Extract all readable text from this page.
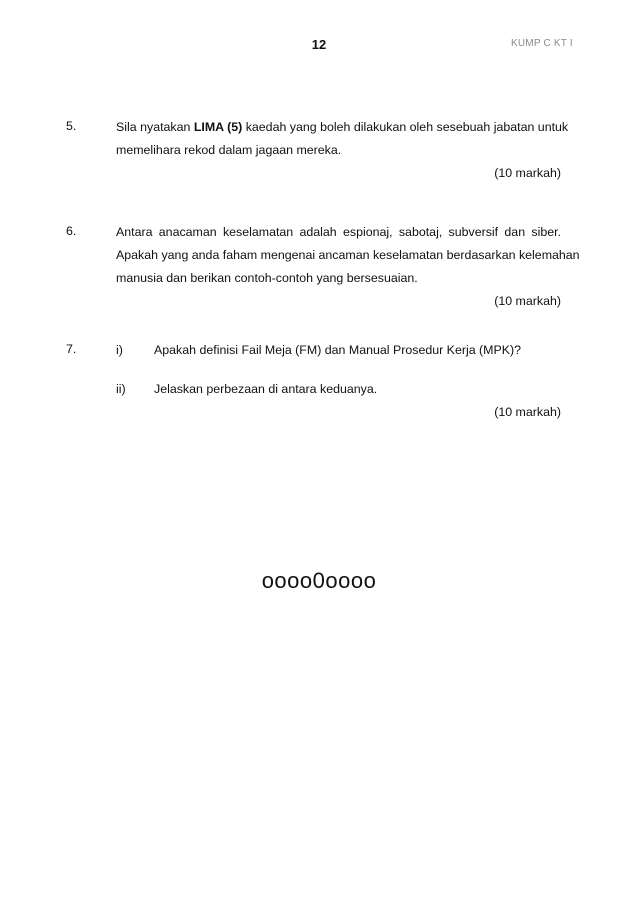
12	KUMP C KT I
5.	Sila nyatakan LIMA (5) kaedah yang boleh dilakukan oleh sesebuah jabatan untuk
memelihara rekod dalam jagaan mereka.
(10 markah)
6.	Antara anacaman keselamatan adalah espionaj, sabotaj, subversif dan siber.
Apakah yang anda faham mengenai ancaman keselamatan berdasarkan kelemahan
manusia dan berikan contoh-contoh yang bersesuaian.
(10 markah)
7.	i)	Apakah definisi Fail Meja (FM) dan Manual Prosedur Kerja (MPK)?
ii) Jelaskan perbezaan di antara keduanya.
(10 markah)
oooo0oooo
